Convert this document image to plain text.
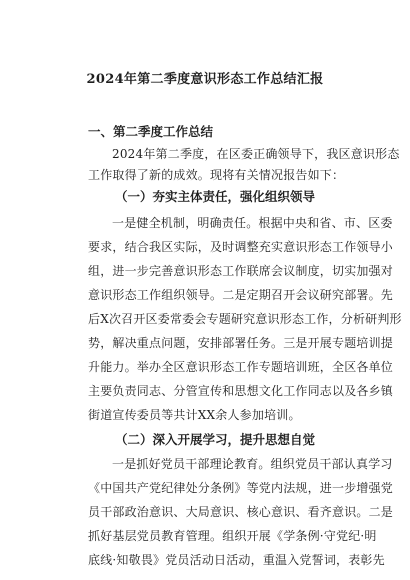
2024年第二季度意识形态工作总结汇报
一、第二季度工作总结
2024年第二季度，在区委正确领导下，我区意识形态
工作取得了新的成效。现将有关情况报告如下：
（一）夯实主体责任，强化组织领导
一是健全机制，明确责任。根据中央和省、市、区委
要求，结合我区实际，及时调整充实意识形态工作领导小
组，进一步完善意识形态工作联席会议制度，切实加强对
意识形态工作组织领导。二是定期召开会议研究部署。先
后X次召开区委常委会专题研究意识形态工作，分析研判形
势，解决重点问题，安排部署任务。三是开展专题培训提
升能力。举办全区意识形态工作专题培训班，全区各单位
主要负责同志、分管宣传和思想文化工作同志以及各乡镇
街道宣传委员等共计XX余人参加培训。
（二）深入开展学习，提升思想自觉
一是抓好党员干部理论教育。组织党员干部认真学习
《中国共产党纪律处分条例》等党内法规，进一步增强党
员干部政治意识、大局意识、核心意识、看齐意识。二是
抓好基层党员教育管理。组织开展《学条例·守党纪·明
底线·知敬畏》党员活动日活动，重温入党誓词，表彰先
